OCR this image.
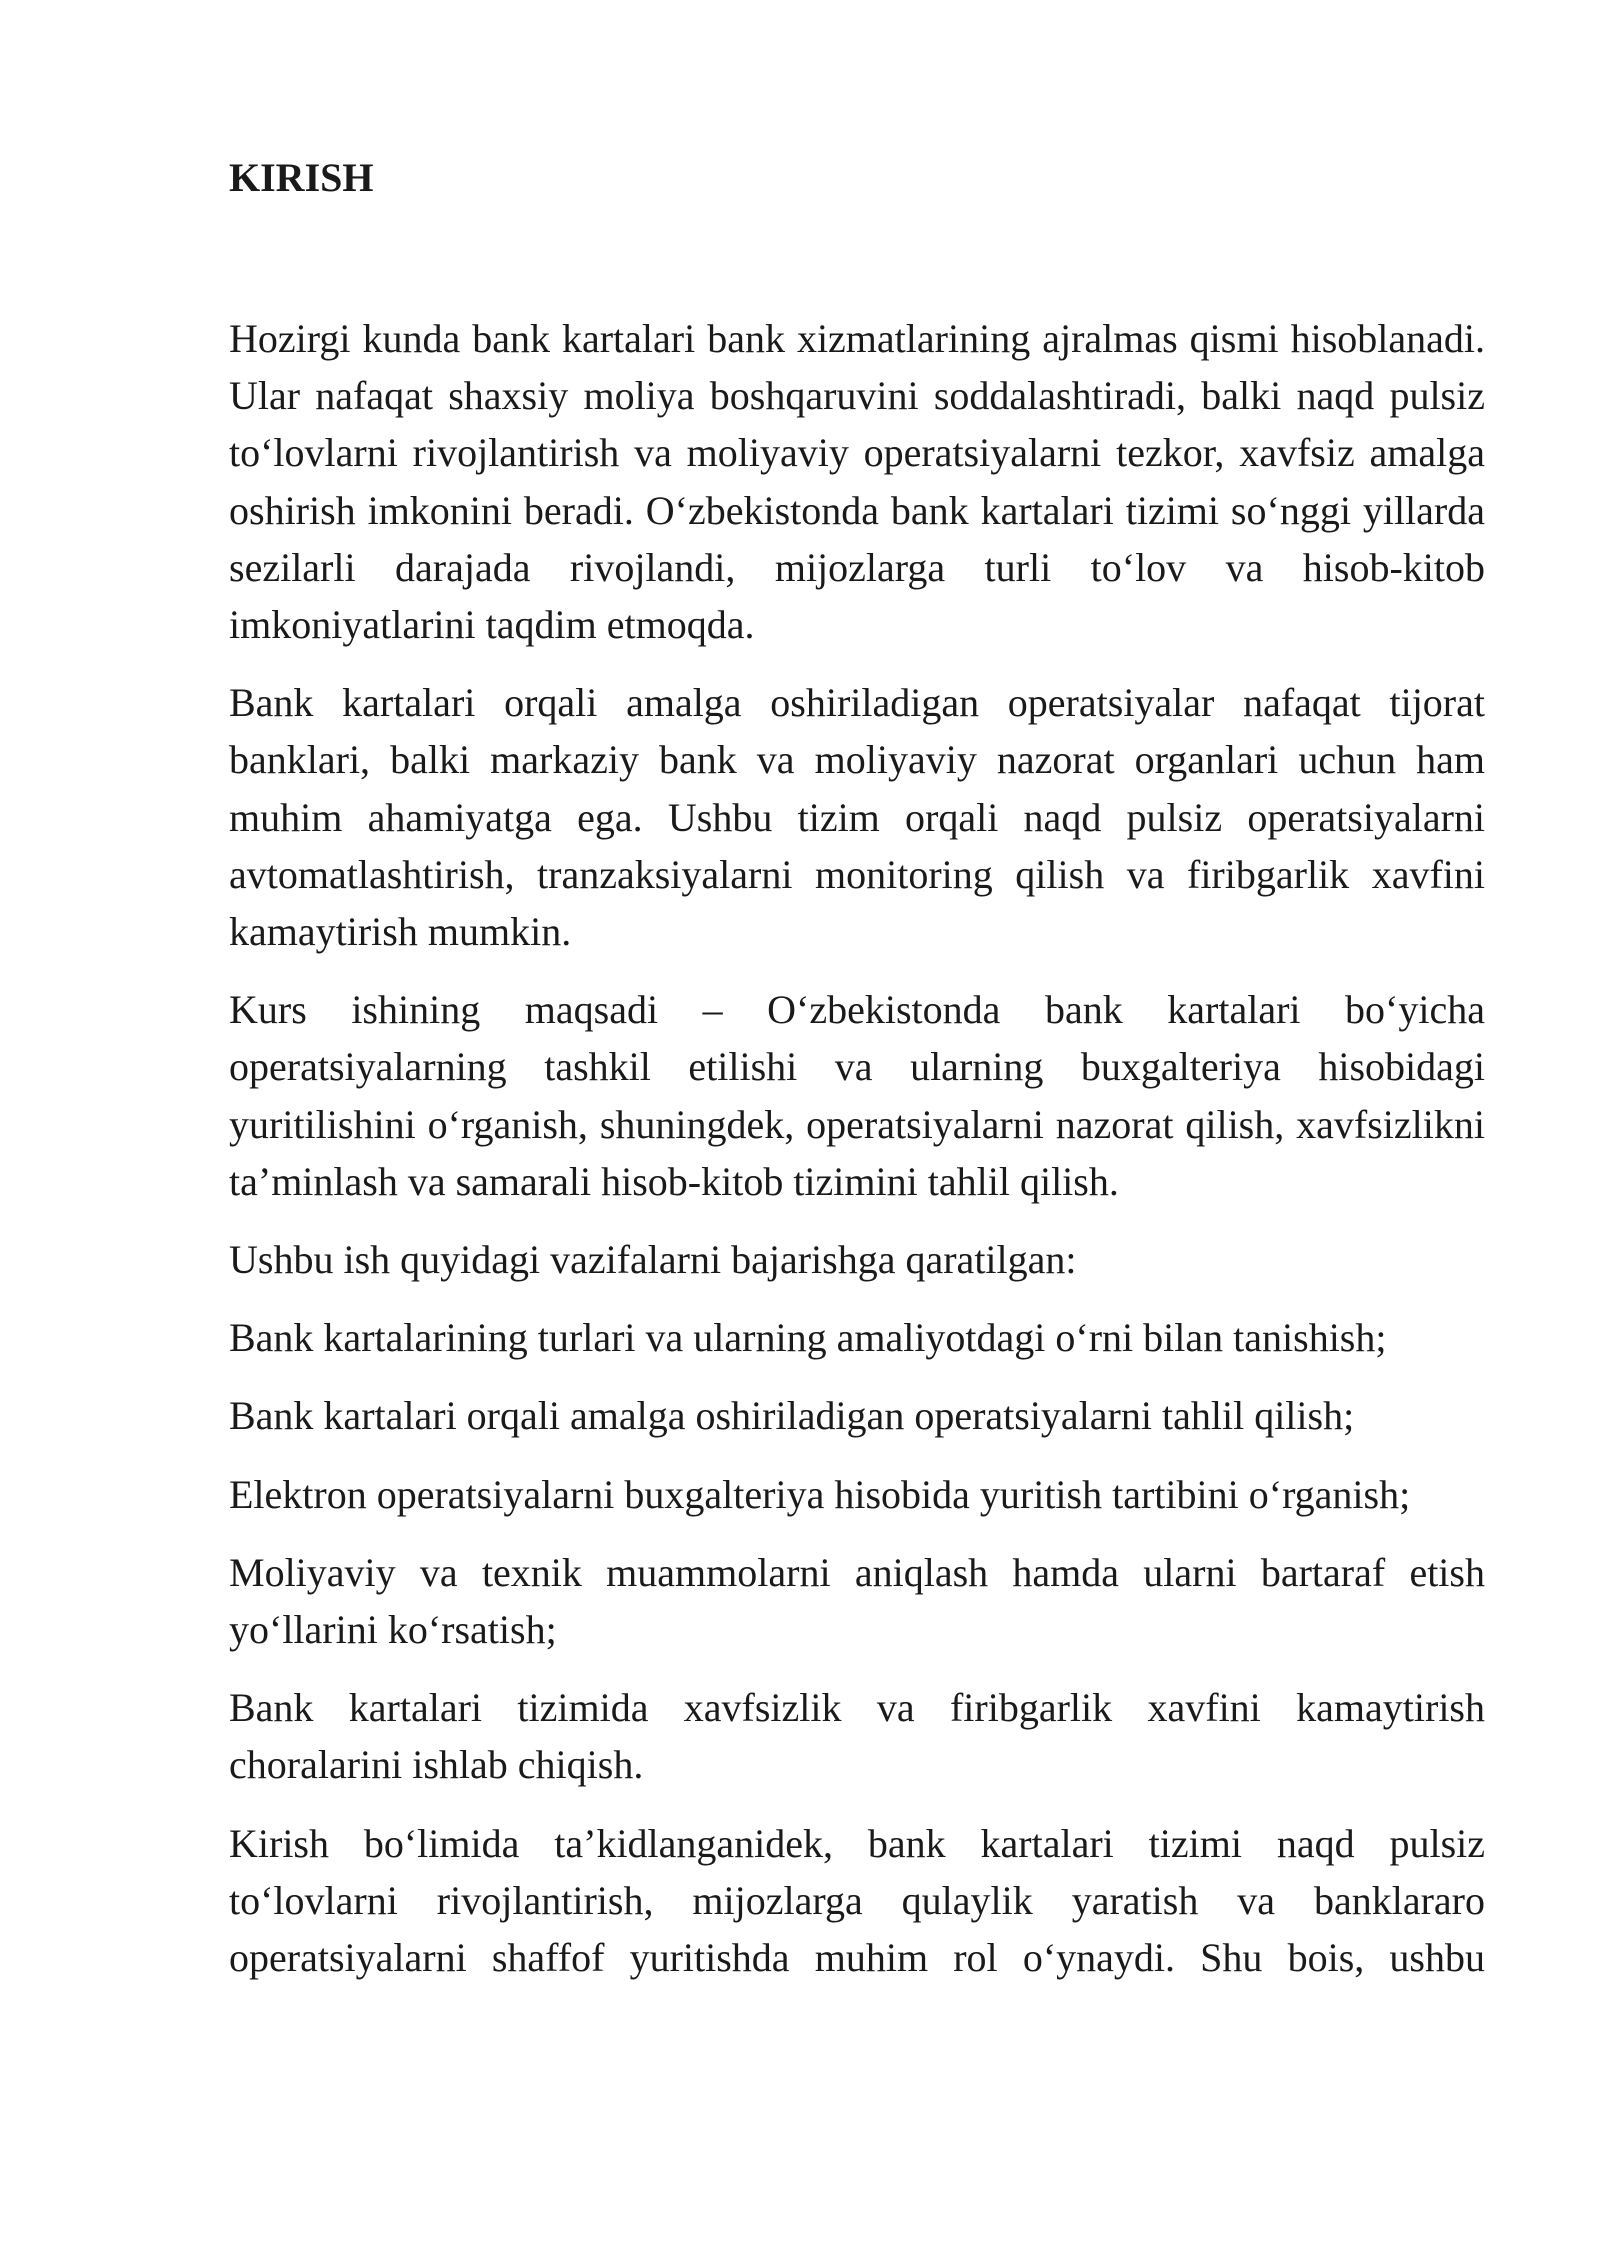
KIRISH

Hozirgi kunda bank kartalari bank xizmatlarining ajralmas qismi hisoblanadi. Ular nafaqat shaxsiy moliya boshqaruvini soddalashtiradi, balki naqd pulsiz to‘lovlarni rivojlantirish va moliyaviy operatsiyalarni tezkor, xavfsiz amalga oshirish imkonini beradi. O‘zbekistonda bank kartalari tizimi so‘nggi yillarda sezilarli darajada rivojlandi, mijozlarga turli to‘lov va hisob-kitob imkoniyatlarini taqdim etmoqda.

Bank kartalari orqali amalga oshiriladigan operatsiyalar nafaqat tijorat banklari, balki markaziy bank va moliyaviy nazorat organlari uchun ham muhim ahamiyatga ega. Ushbu tizim orqali naqd pulsiz operatsiyalarni avtomatlashtirish, tranzaksiyalarni monitoring qilish va firibgarlik xavfini kamaytirish mumkin.

Kurs ishining maqsadi – O‘zbekistonda bank kartalari bo‘yicha operatsiyalarning tashkil etilishi va ularning buxgalteriya hisobidagi yuritilishini o‘rganish, shuningdek, operatsiyalarni nazorat qilish, xavfsizlikni ta’minlash va samarali hisob-kitob tizimini tahlil qilish.

Ushbu ish quyidagi vazifalarni bajarishga qaratilgan:

Bank kartalarining turlari va ularning amaliyotdagi o‘rni bilan tanishish;

Bank kartalari orqali amalga oshiriladigan operatsiyalarni tahlil qilish;

Elektron operatsiyalarni buxgalteriya hisobida yuritish tartibini o‘rganish;

Moliyaviy va texnik muammolarni aniqlash hamda ularni bartaraf etish yo‘llarini ko‘rsatish;

Bank kartalari tizimida xavfsizlik va firibgarlik xavfini kamaytirish choralarini ishlab chiqish.

Kirish bo‘limida ta’kidlanganidek, bank kartalari tizimi naqd pulsiz to‘lovlarni rivojlantirish, mijozlarga qulaylik yaratish va banklararo operatsiyalarni shaffof yuritishda muhim rol o‘ynaydi. Shu bois, ushbu
